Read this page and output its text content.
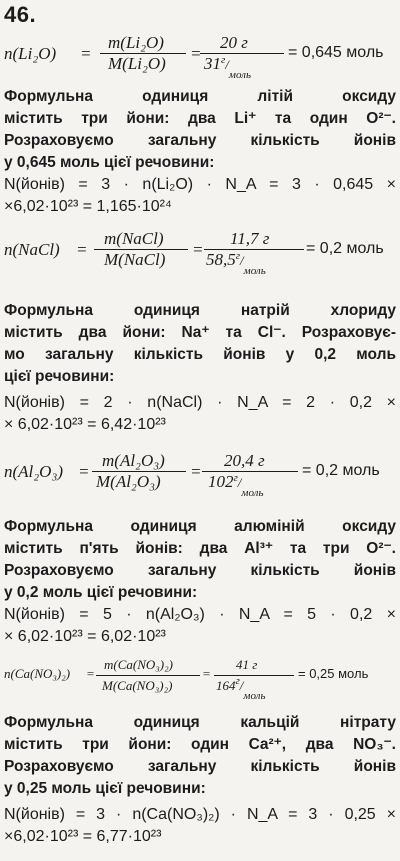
46.
n(Li₂O) =
m(Li₂O)
M(Li₂O)
=
20 г
$31^г/_{моль}$
= 0,645 моль
Формульна одиниця літій оксиду
містить три йони: два Li⁺ та один O²⁻.
Розраховуємо загальну кількість йонів
у 0,645 моль цієї речовини:
N(йонів) = 3 · n(Li₂O) · N_A = 3 · 0,645 ×
×6,02·10²³ = 1,165·10²⁴
n(NaCl) =
m(NaCl)
M(NaCl)
=
11,7 г
$58,5^г/_{моль}$
= 0,2 моль
Формульна одиниця натрій хлориду
містить два йони: Na⁺ та Cl⁻. Розраховує-
мо загальну кількість йонів у 0,2 моль
цієї речовини:
N(йонів) = 2 · n(NaCl) · N_A = 2 · 0,2 ×
× 6,02·10²³ = 6,42·10²³
n(Al₂O₃) =
m(Al₂O₃)
M(Al₂O₃)
=
20,4 г
$102^г/_{моль}$
= 0,2 моль
Формульна одиниця алюміній оксиду
містить п'ять йонів: два Al³⁺ та три O²⁻.
Розраховуємо загальну кількість йонів
у 0,2 моль цієї речовини:
N(йонів) = 5 · n(Al₂O₃) · N_A = 5 · 0,2 ×
× 6,02·10²³ = 6,02·10²³
n(Ca(NO₃)₂) =
m(Ca(NO₃)₂)
M(Ca(NO₃)₂)
=
41 г
$164^г/_{моль}$
= 0,25 моль
Формульна одиниця кальцій нітрату
містить три йони: один Ca²⁺, два NO₃⁻.
Розраховуємо загальну кількість йонів
у 0,25 моль цієї речовини:
N(йонів) = 3 · n(Ca(NO₃)₂) · N_A = 3 · 0,25 ×
×6,02·10²³ = 6,77·10²³
